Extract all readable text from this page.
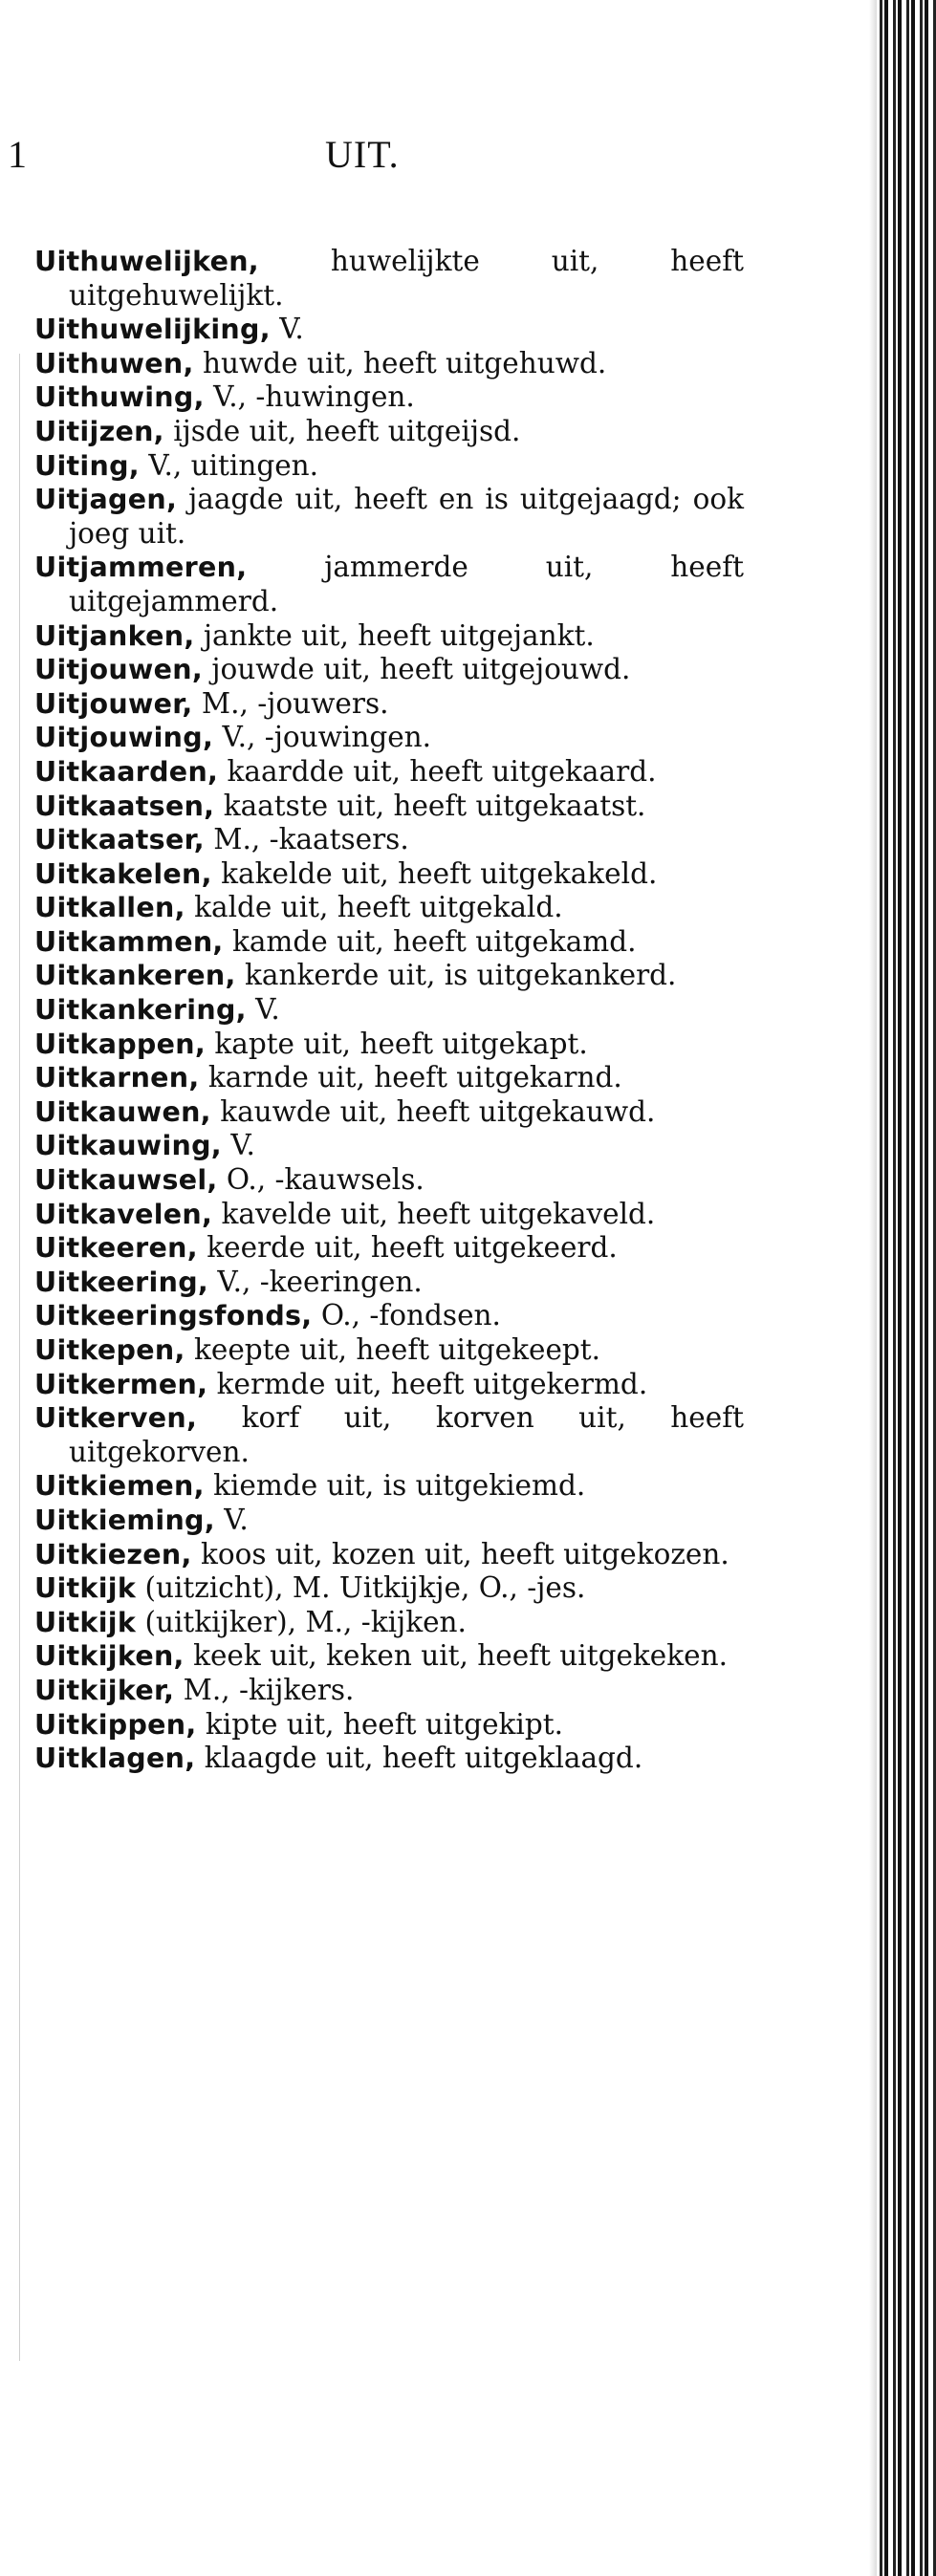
1	UIT.
Uithuwelijken,	huwelijkte uit, heeft uitgehuwelijkt.
Uithuwelijking, V.
Uithuwen, huwde uit, heeft uitgehuwd.
Uithuwing, V., -huwingen.
Uitijzen, ijsde uit, heeft uitgeijsd.
Uiting, V., uitingen.
Uitjagen, jaagde uit, heeft en is uitgejaagd; ook joeg uit.
Uitjammeren,	jammerde uit, heeft uitgejammerd.
Uitjanken, jankte uit, heeft uitgejankt.
Uitjouwen, jouwde uit, heeft uitgejouwd.
Uitjouwer, M., -jouwers.
Uitjouwing, V., -jouwingen.
Uitkaarden, kaardde uit, heeft uitgekaard.
Uitkaatsen, kaatste uit, heeft uitgekaatst.
Uitkaatser, M., -kaatsers.
Uitkakelen, kakelde uit, heeft uitgekakeld.
Uitkallen, kalde uit, heeft uitgekald.
Uitkammen, kamde uit, heeft uitgekamd.
Uitkankeren, kankerde uit, is uitgekankerd.
Uitkankering, V.
Uitkappen, kapte uit, heeft uitgekapt.
Uitkarnen, karnde uit, heeft uitgekarnd.
Uitkauwen, kauwde uit, heeft uitgekauwd.
Uitkauwing, V.
Uitkauwsel, O., -kauwsels.
Uitkavelen, kavelde uit, heeft uitgekaveld.
Uitkeeren, keerde uit, heeft uitgekeerd.
Uitkeering, V., -keeringen.
Uitkeeringsfonds, O., -fondsen.
Uitkepen, keepte uit, heeft uitgekeept.
Uitkermen, kermde uit, heeft uitgekermd.
Uitkerven, korf uit, korven uit, heeft uitgekorven.
Uitkiemen, kiemde uit, is uitgekiemd.
Uitkieming, V.
Uitkiezen, koos uit, kozen uit, heeft uitgekozen.
Uitkijk (uitzicht), M. Uitkijkje, O., -jes.
Uitkijk (uitkijker), M., -kijken.
Uitkijken, keek uit, keken uit, heeft uitgekeken.
Uitkijker, M., -kijkers.
Uitkippen, kipte uit, heeft uitgekipt.
Uitklagen, klaagde uit, heeft uitgeklaagd.
